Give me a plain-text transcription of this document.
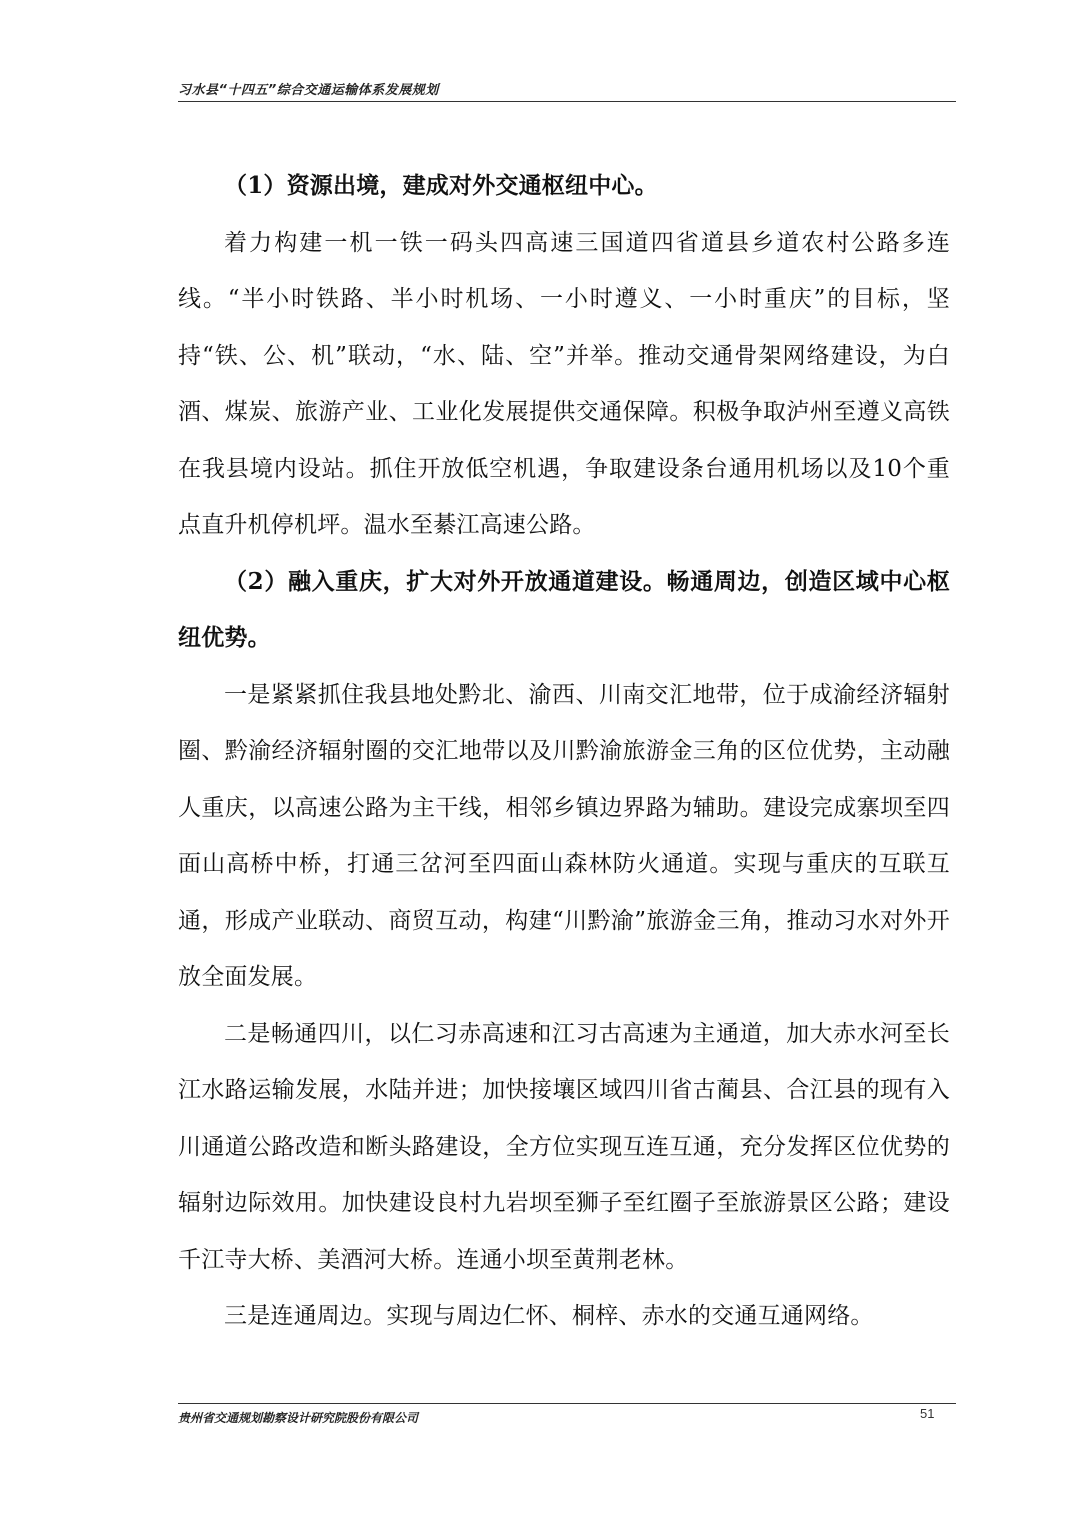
习水县“十四五”综合交通运输体系发展规划

（1）资源出境，建成对外交通枢纽中心。

着力构建一机一铁一码头四高速三国道四省道县乡道农村公路多连线。“半小时铁路、半小时机场、一小时遵义、一小时重庆”的目标，坚持“铁、公、机”联动，“水、陆、空”并举。推动交通骨架网络建设，为白酒、煤炭、旅游产业、工业化发展提供交通保障。积极争取泸州至遵义高铁在我县境内设站。抓住开放低空机遇，争取建设条台通用机场以及10个重点直升机停机坪。温水至綦江高速公路。

（2）融入重庆，扩大对外开放通道建设。畅通周边，创造区域中心枢纽优势。

一是紧紧抓住我县地处黔北、渝西、川南交汇地带，位于成渝经济辐射圈、黔渝经济辐射圈的交汇地带以及川黔渝旅游金三角的区位优势，主动融人重庆，以高速公路为主干线，相邻乡镇边界路为辅助。建设完成寨坝至四面山高桥中桥，打通三岔河至四面山森林防火通道。实现与重庆的互联互通，形成产业联动、商贸互动，构建“川黔渝”旅游金三角，推动习水对外开放全面发展。

二是畅通四川，以仁习赤高速和江习古高速为主通道，加大赤水河至长江水路运输发展，水陆并进；加快接壤区域四川省古蔺县、合江县的现有入川通道公路改造和断头路建设，全方位实现互连互通，充分发挥区位优势的辐射边际效用。加快建设良村九岩坝至狮子至红圈子至旅游景区公路；建设千江寺大桥、美酒河大桥。连通小坝至黄荆老林。

三是连通周边。实现与周边仁怀、桐梓、赤水的交通互通网络。

贵州省交通规划勘察设计研究院股份有限公司	51
